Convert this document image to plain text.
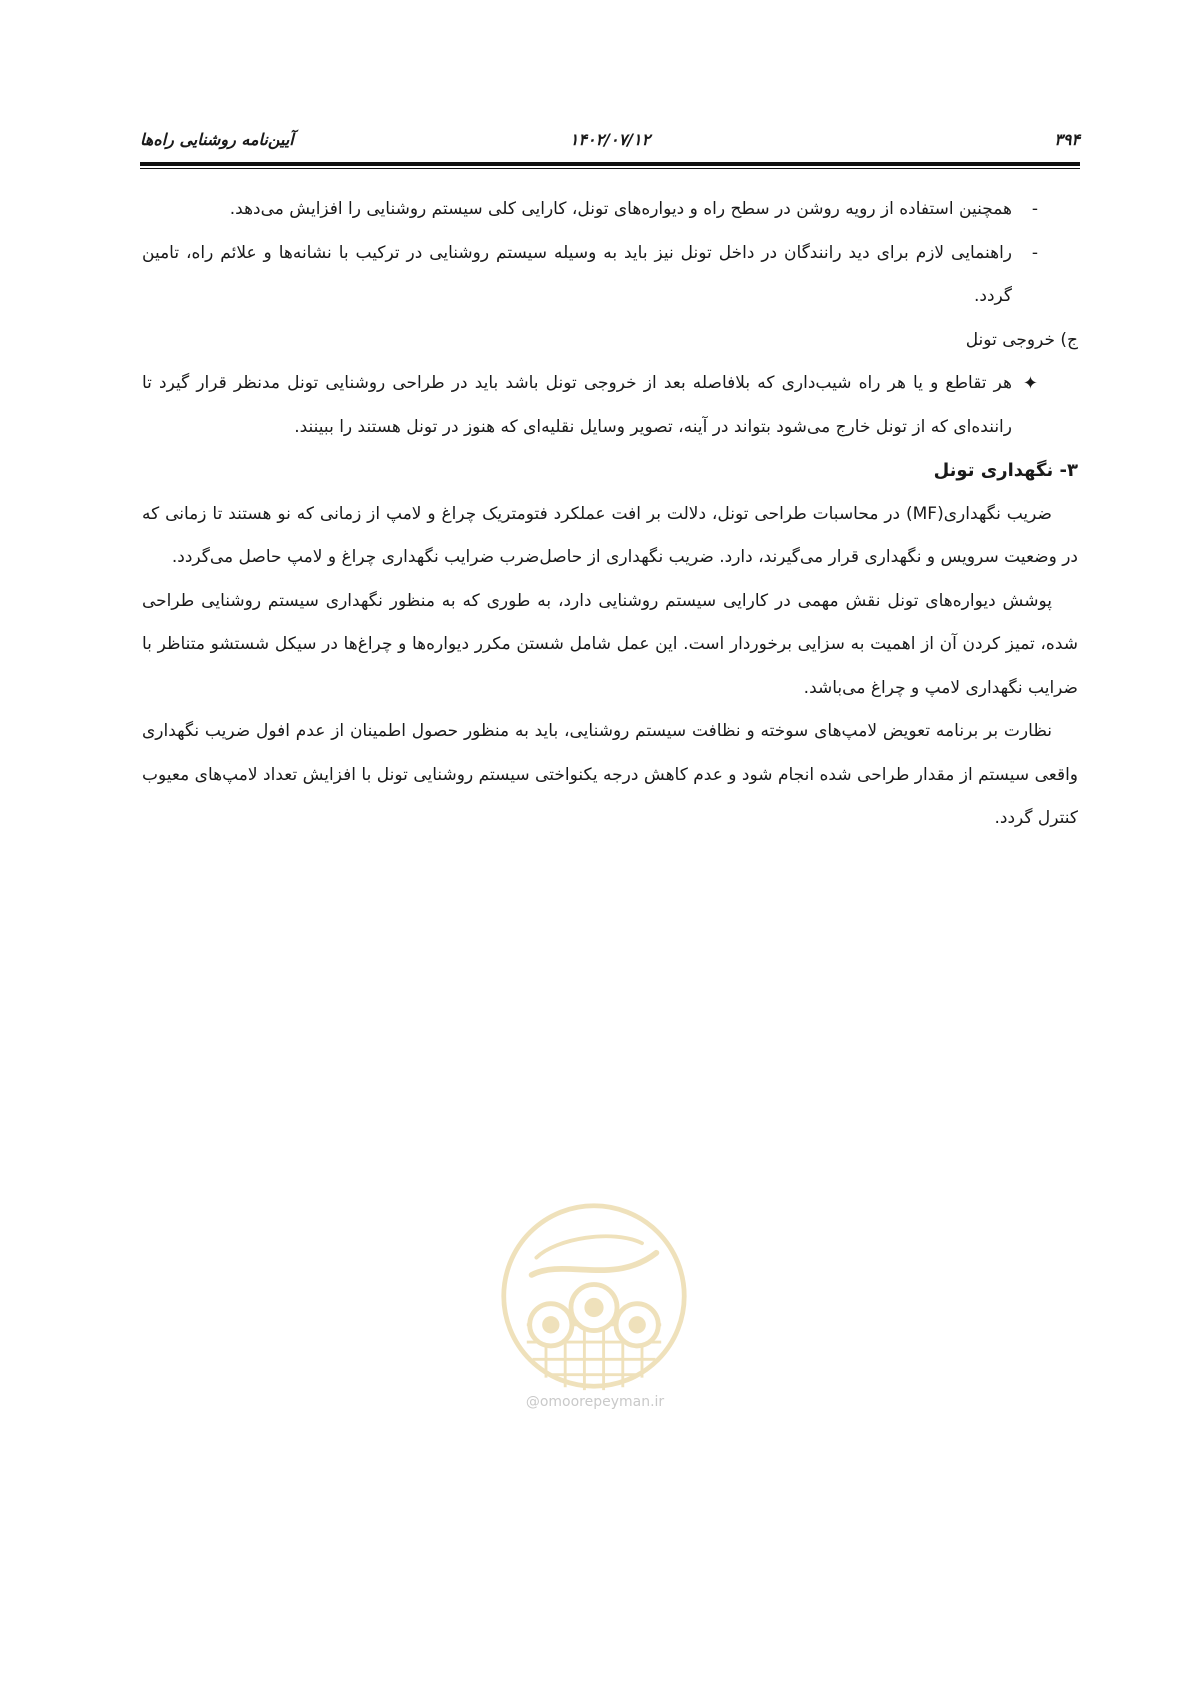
۳۹۴
۱۴۰۲/۰۷/۱۲
آیین‌نامه روشنایی راه‌ها
-

همچنین استفاده از رویه روشن در سطح راه و دیواره‌های تونل، کارایی کلی سیستم روشنایی را افزایش می‌دهد.

-

راهنمایی لازم برای دید رانندگان در داخل تونل نیز باید به وسیله سیستم روشنایی در ترکیب با نشانه‌ها و علائم راه، تامین گردد.

ج) خروجی تونل

✦

هر تقاطع و یا هر راه شیب‌داری که بلافاصله بعد از خروجی تونل باشد باید در طراحی روشنایی تونل مدنظر قرار گیرد تا راننده‌ای که از تونل خارج می‌شود بتواند در آینه، تصویر وسایل نقلیه‌ای که هنوز در تونل هستند را ببینند.

۳- نگهداری تونل

ضریب نگهداری(MF) در محاسبات طراحی تونل، دلالت بر افت عملکرد فتومتریک چراغ و لامپ از زمانی که نو هستند تا زمانی که در وضعیت سرویس و نگهداری قرار می‌گیرند، دارد. ضریب نگهداری از حاصل‌ضرب ضرایب نگهداری چراغ و لامپ حاصل می‌گردد.

پوشش دیواره‌های تونل نقش مهمی در کارایی سیستم روشنایی دارد، به طوری که به منظور نگهداری سیستم روشنایی طراحی شده، تمیز کردن آن از اهمیت به سزایی برخوردار است. این عمل شامل شستن مکرر دیواره‌ها و چراغ‌ها در سیکل شستشو متناظر با ضرایب نگهداری لامپ و چراغ می‌باشد.

نظارت بر برنامه تعویض لامپ‌های سوخته و نظافت سیستم روشنایی، باید به منظور حصول اطمینان از عدم افول ضریب نگهداری واقعی سیستم از مقدار طراحی شده انجام شود و عدم کاهش درجه یکنواختی سیستم روشنایی تونل با افزایش تعداد لامپ‌های معیوب کنترل گردد.

@omoorepeyman.ir
